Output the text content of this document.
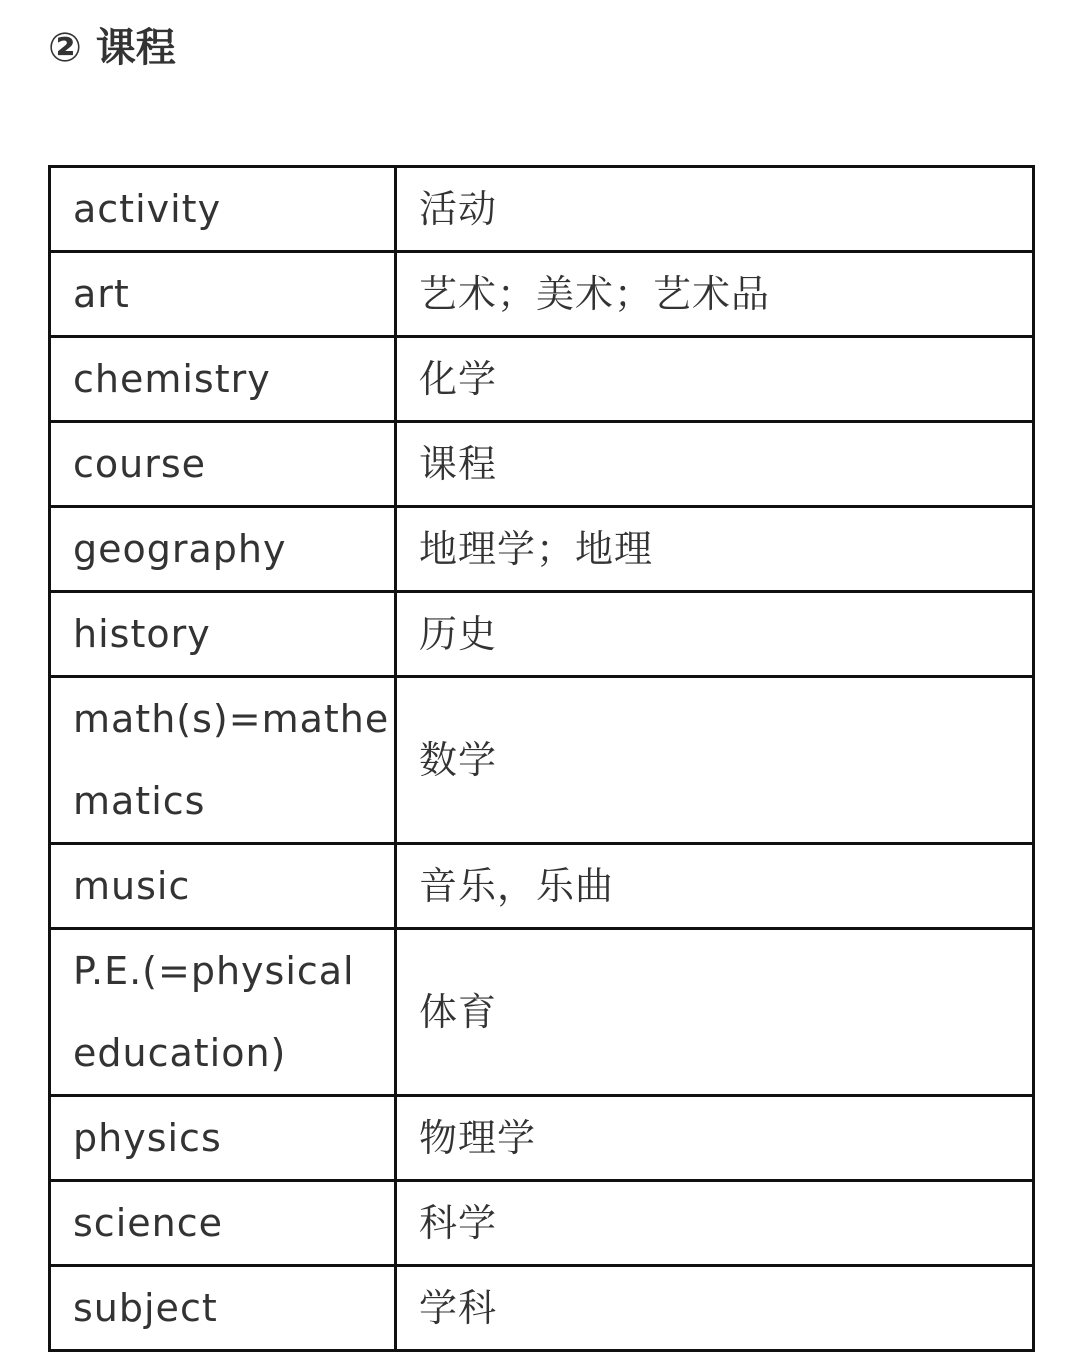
② 课程
activity	活动
art	艺术；美术；艺术品
chemistry	化学
course	课程
geography	地理学；地理
history	历史
math(s)=mathematics	数学
music	音乐，乐曲
P.E.(=physical education)	体育
physics	物理学
science	科学
subject	学科
